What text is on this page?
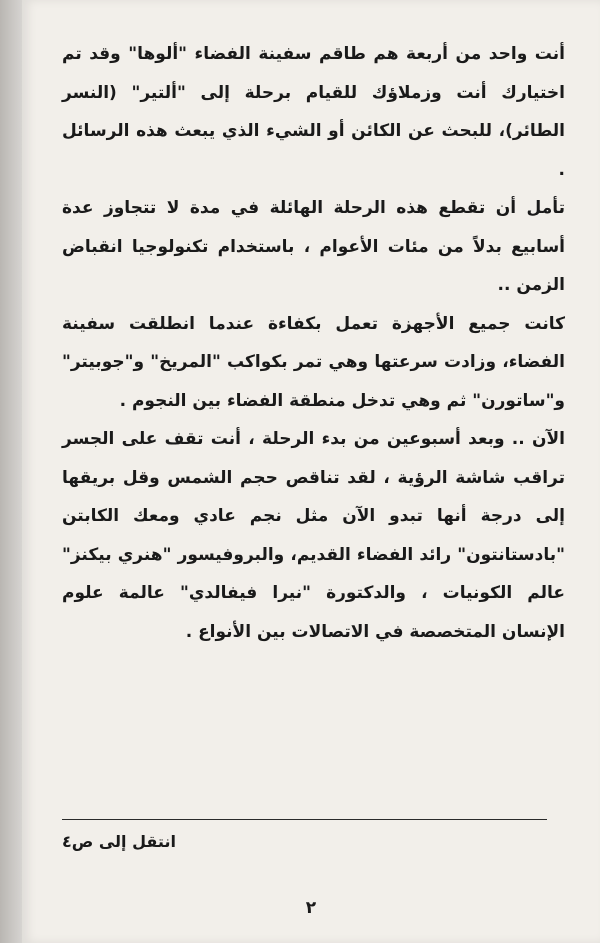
أنت واحد من أربعة هم طاقم سفينة الفضاء "ألوها" وقد تم اختيارك أنت وزملاؤك للقيام برحلة إلى "ألتير" (النسر الطائر)، للبحث عن الكائن أو الشيء الذي يبعث هذه الرسائل .

تأمل أن تقطع هذه الرحلة الهائلة في مدة لا تتجاوز عدة أسابيع بدلاً من مئات الأعوام ، باستخدام تكنولوجيا انقباض الزمن ..

كانت جميع الأجهزة تعمل بكفاءة عندما انطلقت سفينة الفضاء، وزادت سرعتها وهي تمر بكواكب "المريخ" و"جوبيتر" و"ساتورن" ثم وهي تدخل منطقة الفضاء بين النجوم .

الآن .. وبعد أسبوعين من بدء الرحلة ، أنت تقف على الجسر تراقب شاشة الرؤية ، لقد تناقص حجم الشمس وقل بريقها إلى درجة أنها تبدو الآن مثل نجم عادي ومعك الكابتن "بادستانتون" رائد الفضاء القديم، والبروفيسور "هنري بيكنز" عالم الكونيات ، والدكتورة "نيرا فيفالدي" عالمة علوم الإنسان المتخصصة في الاتصالات بين الأنواع .

انتقل إلى ص٤
٢
